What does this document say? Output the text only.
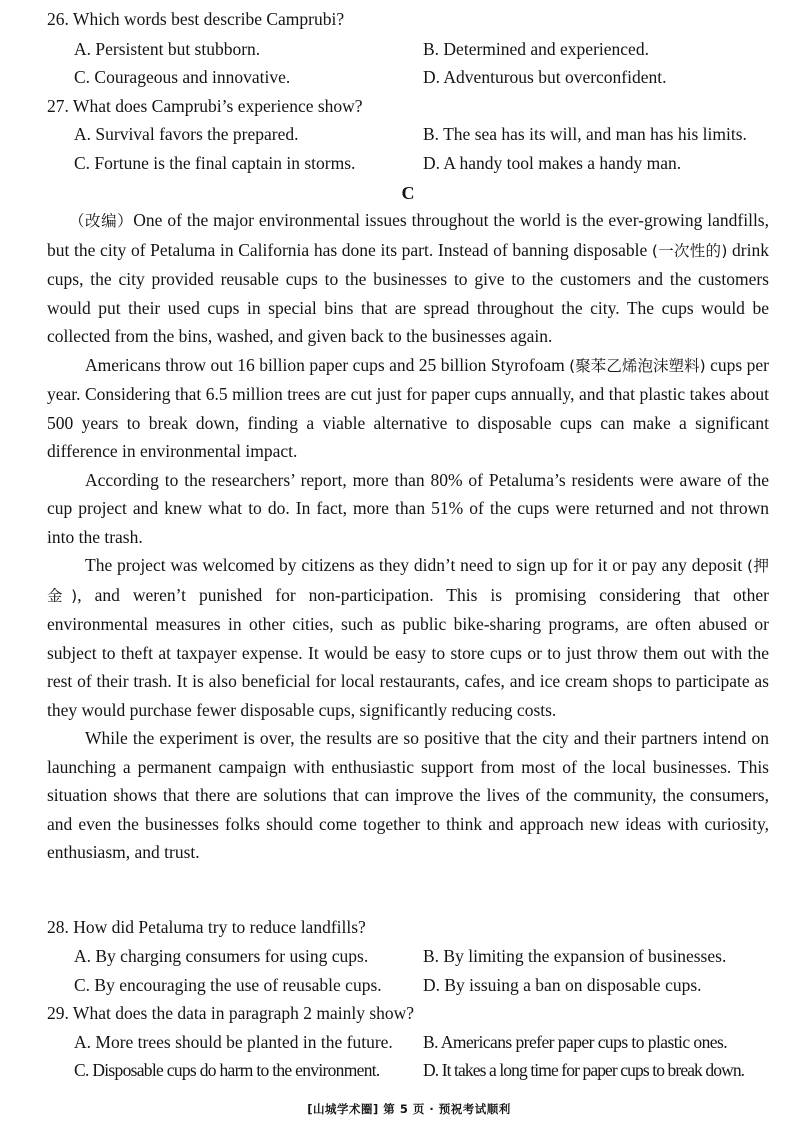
26. Which words best describe Camprubi?
A. Persistent but stubborn.	B. Determined and experienced.
C. Courageous and innovative.	D. Adventurous but overconfident.
27. What does Camprubi’s experience show?
A. Survival favors the prepared.	B. The sea has its will, and man has his limits.
C. Fortune is the final captain in storms.	D. A handy tool makes a handy man.
C

（改编）One of the major environmental issues throughout the world is the ever-growing landfills, but the city of Petaluma in California has done its part. Instead of banning disposable (一次性的) drink cups, the city provided reusable cups to the businesses to give to the customers and the customers would put their used cups in special bins that are spread throughout the city. The cups would be collected from the bins, washed, and given back to the businesses again.

Americans throw out 16 billion paper cups and 25 billion Styrofoam (聚苯乙烯泡沫塑料) cups per year. Considering that 6.5 million trees are cut just for paper cups annually, and that plastic takes about 500 years to break down, finding a viable alternative to disposable cups can make a significant difference in environmental impact.

According to the researchers’ report, more than 80% of Petaluma’s residents were aware of the cup project and knew what to do. In fact, more than 51% of the cups were returned and not thrown into the trash.

The project was welcomed by citizens as they didn’t need to sign up for it or pay any deposit (押金), and weren’t punished for non-participation. This is promising considering that other environmental measures in other cities, such as public bike-sharing programs, are often abused or subject to theft at taxpayer expense. It would be easy to store cups or to just throw them out with the rest of their trash. It is also beneficial for local restaurants, cafes, and ice cream shops to participate as they would purchase fewer disposable cups, significantly reducing costs.

While the experiment is over, the results are so positive that the city and their partners intend on launching a permanent campaign with enthusiastic support from most of the local businesses. This situation shows that there are solutions that can improve the lives of the community, the consumers, and even the businesses folks should come together to think and approach new ideas with curiosity, enthusiasm, and trust.

28. How did Petaluma try to reduce landfills?
A. By charging consumers for using cups.	B. By limiting the expansion of businesses.
C. By encouraging the use of reusable cups. D. By issuing a ban on disposable cups.
29. What does the data in paragraph 2 mainly show?
A. More trees should be planted in the future. B. Americans prefer paper cups to plastic ones.
C. Disposable cups do harm to the environment. D. It takes a long time for paper cups to break down.
[山城学术圈] 第 5 页 · 预祝考试顺利
